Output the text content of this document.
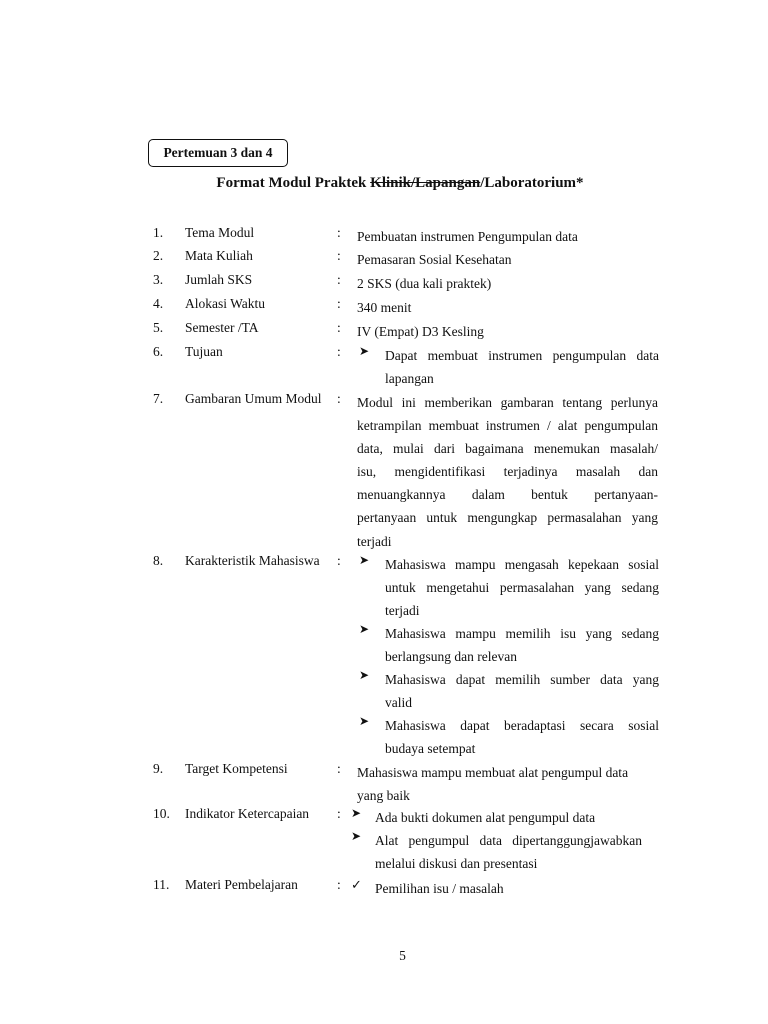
Pertemuan 3 dan 4
Format Modul Praktek Klinik/Lapangan/Laboratorium*
1. Tema Modul	: Pembuatan instrumen Pengumpulan data
2. Mata Kuliah	: Pemasaran Sosial Kesehatan
3. Jumlah SKS	: 2 SKS (dua kali praktek)
4. Alokasi Waktu	: 340 menit
5. Semester /TA	: IV (Empat) D3 Kesling
6. Tujuan	: ➤ Dapat membuat instrumen pengumpulan data
lapangan
7. Gambaran Umum Modul : Modul ini memberikan gambaran tentang perlunya
ketrampilan membuat instrumen / alat pengumpulan
data, mulai dari bagaimana menemukan masalah/
isu, mengidentifikasi terjadinya masalah dan
menuangkannya dalam bentuk pertanyaan-
pertanyaan untuk mengungkap permasalahan yang
terjadi
8. Karakteristik Mahasiswa : ➤ Mahasiswa mampu mengasah kepekaan sosial
untuk mengetahui permasalahan yang sedang
terjadi
➤ Mahasiswa mampu memilih isu yang sedang
berlangsung dan relevan
➤ Mahasiswa dapat memilih sumber data yang
valid
➤ Mahasiswa dapat beradaptasi secara sosial
budaya setempat
9. Target Kompetensi	: Mahasiswa mampu membuat alat pengumpul data
yang baik
10. Indikator Ketercapaian : ➤ Ada bukti dokumen alat pengumpul data
➤ Alat pengumpul data dipertanggungjawabkan
melalui diskusi dan presentasi
11. Materi Pembelajaran	: ✓ Pemilihan isu / masalah
5
